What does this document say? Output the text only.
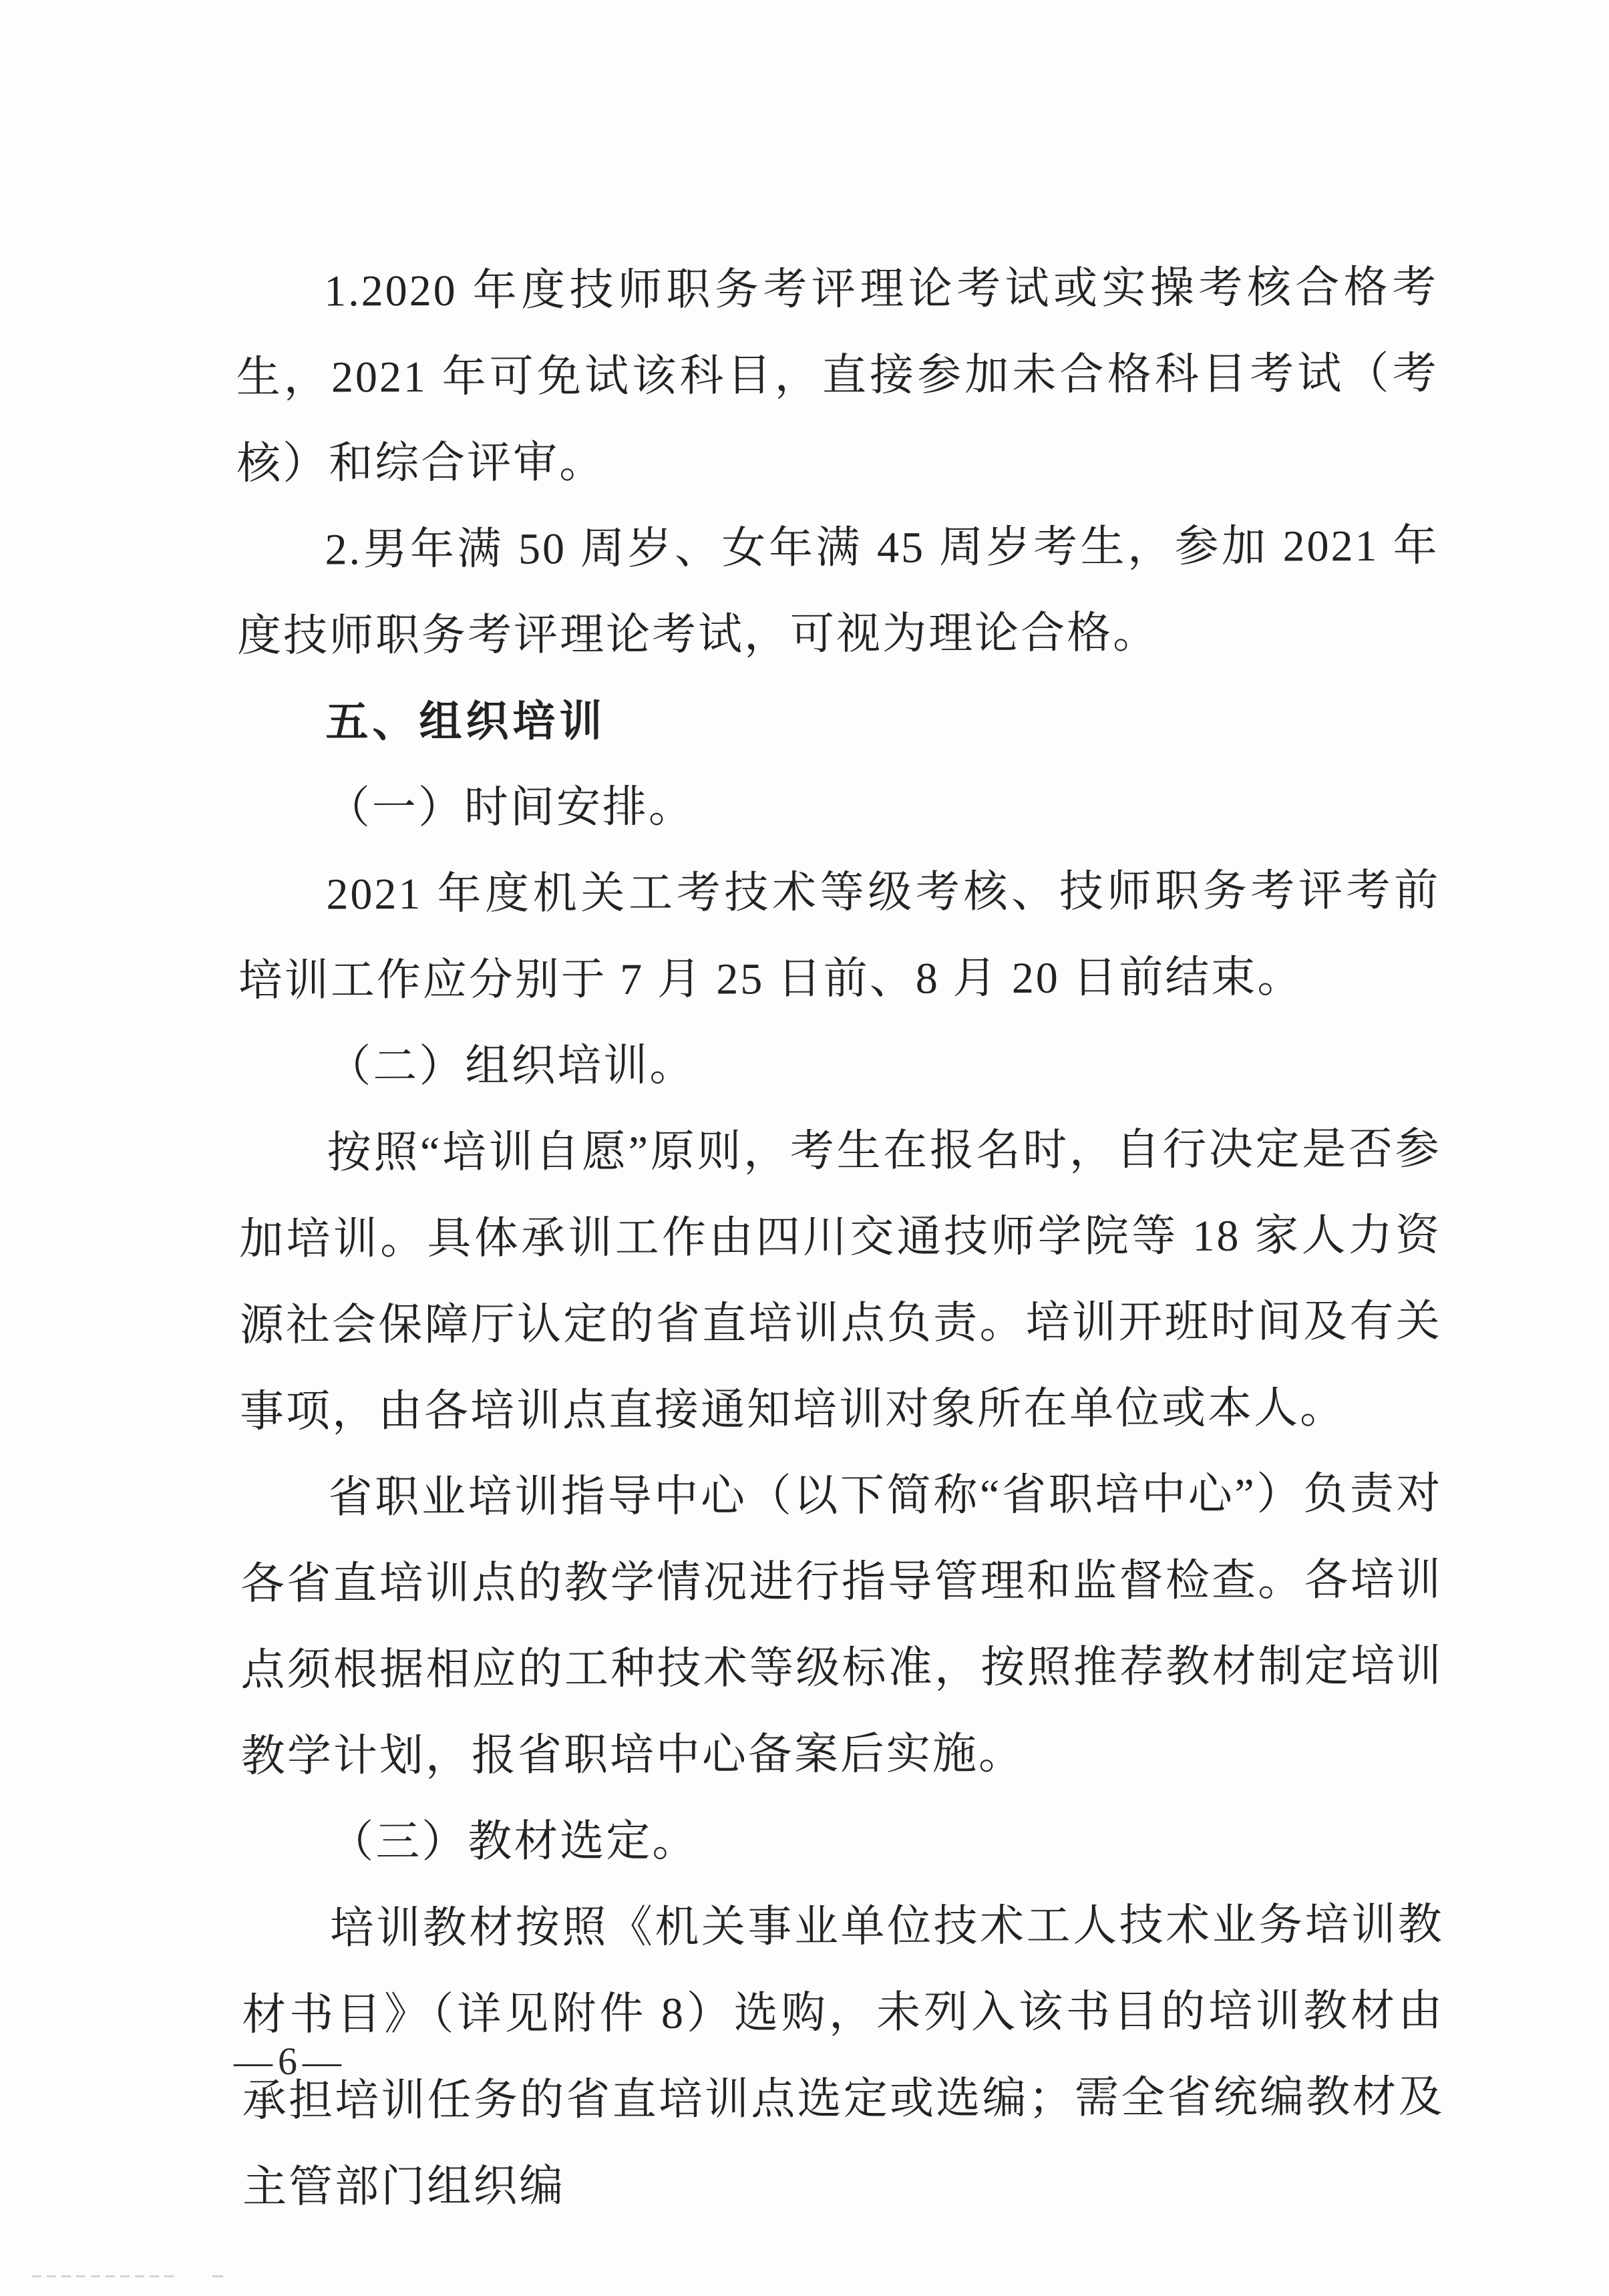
1.2020 年度技师职务考评理论考试或实操考核合格考生，2021 年可免试该科目，直接参加未合格科目考试（考核）和综合评审。

2.男年满 50 周岁、女年满 45 周岁考生，参加 2021 年度技师职务考评理论考试，可视为理论合格。

五、组织培训

（一）时间安排。

2021 年度机关工考技术等级考核、技师职务考评考前培训工作应分别于 7 月 25 日前、8 月 20 日前结束。

（二）组织培训。

按照“培训自愿”原则，考生在报名时，自行决定是否参加培训。具体承训工作由四川交通技师学院等 18 家人力资源社会保障厅认定的省直培训点负责。培训开班时间及有关事项，由各培训点直接通知培训对象所在单位或本人。

省职业培训指导中心（以下简称“省职培中心”）负责对各省直培训点的教学情况进行指导管理和监督检查。各培训点须根据相应的工种技术等级标准，按照推荐教材制定培训教学计划，报省职培中心备案后实施。

（三）教材选定。

培训教材按照《机关事业单位技术工人技术业务培训教材书目》（详见附件 8）选购，未列入该书目的培训教材由承担培训任务的省直培训点选定或选编；需全省统编教材及主管部门组织编

—6—
